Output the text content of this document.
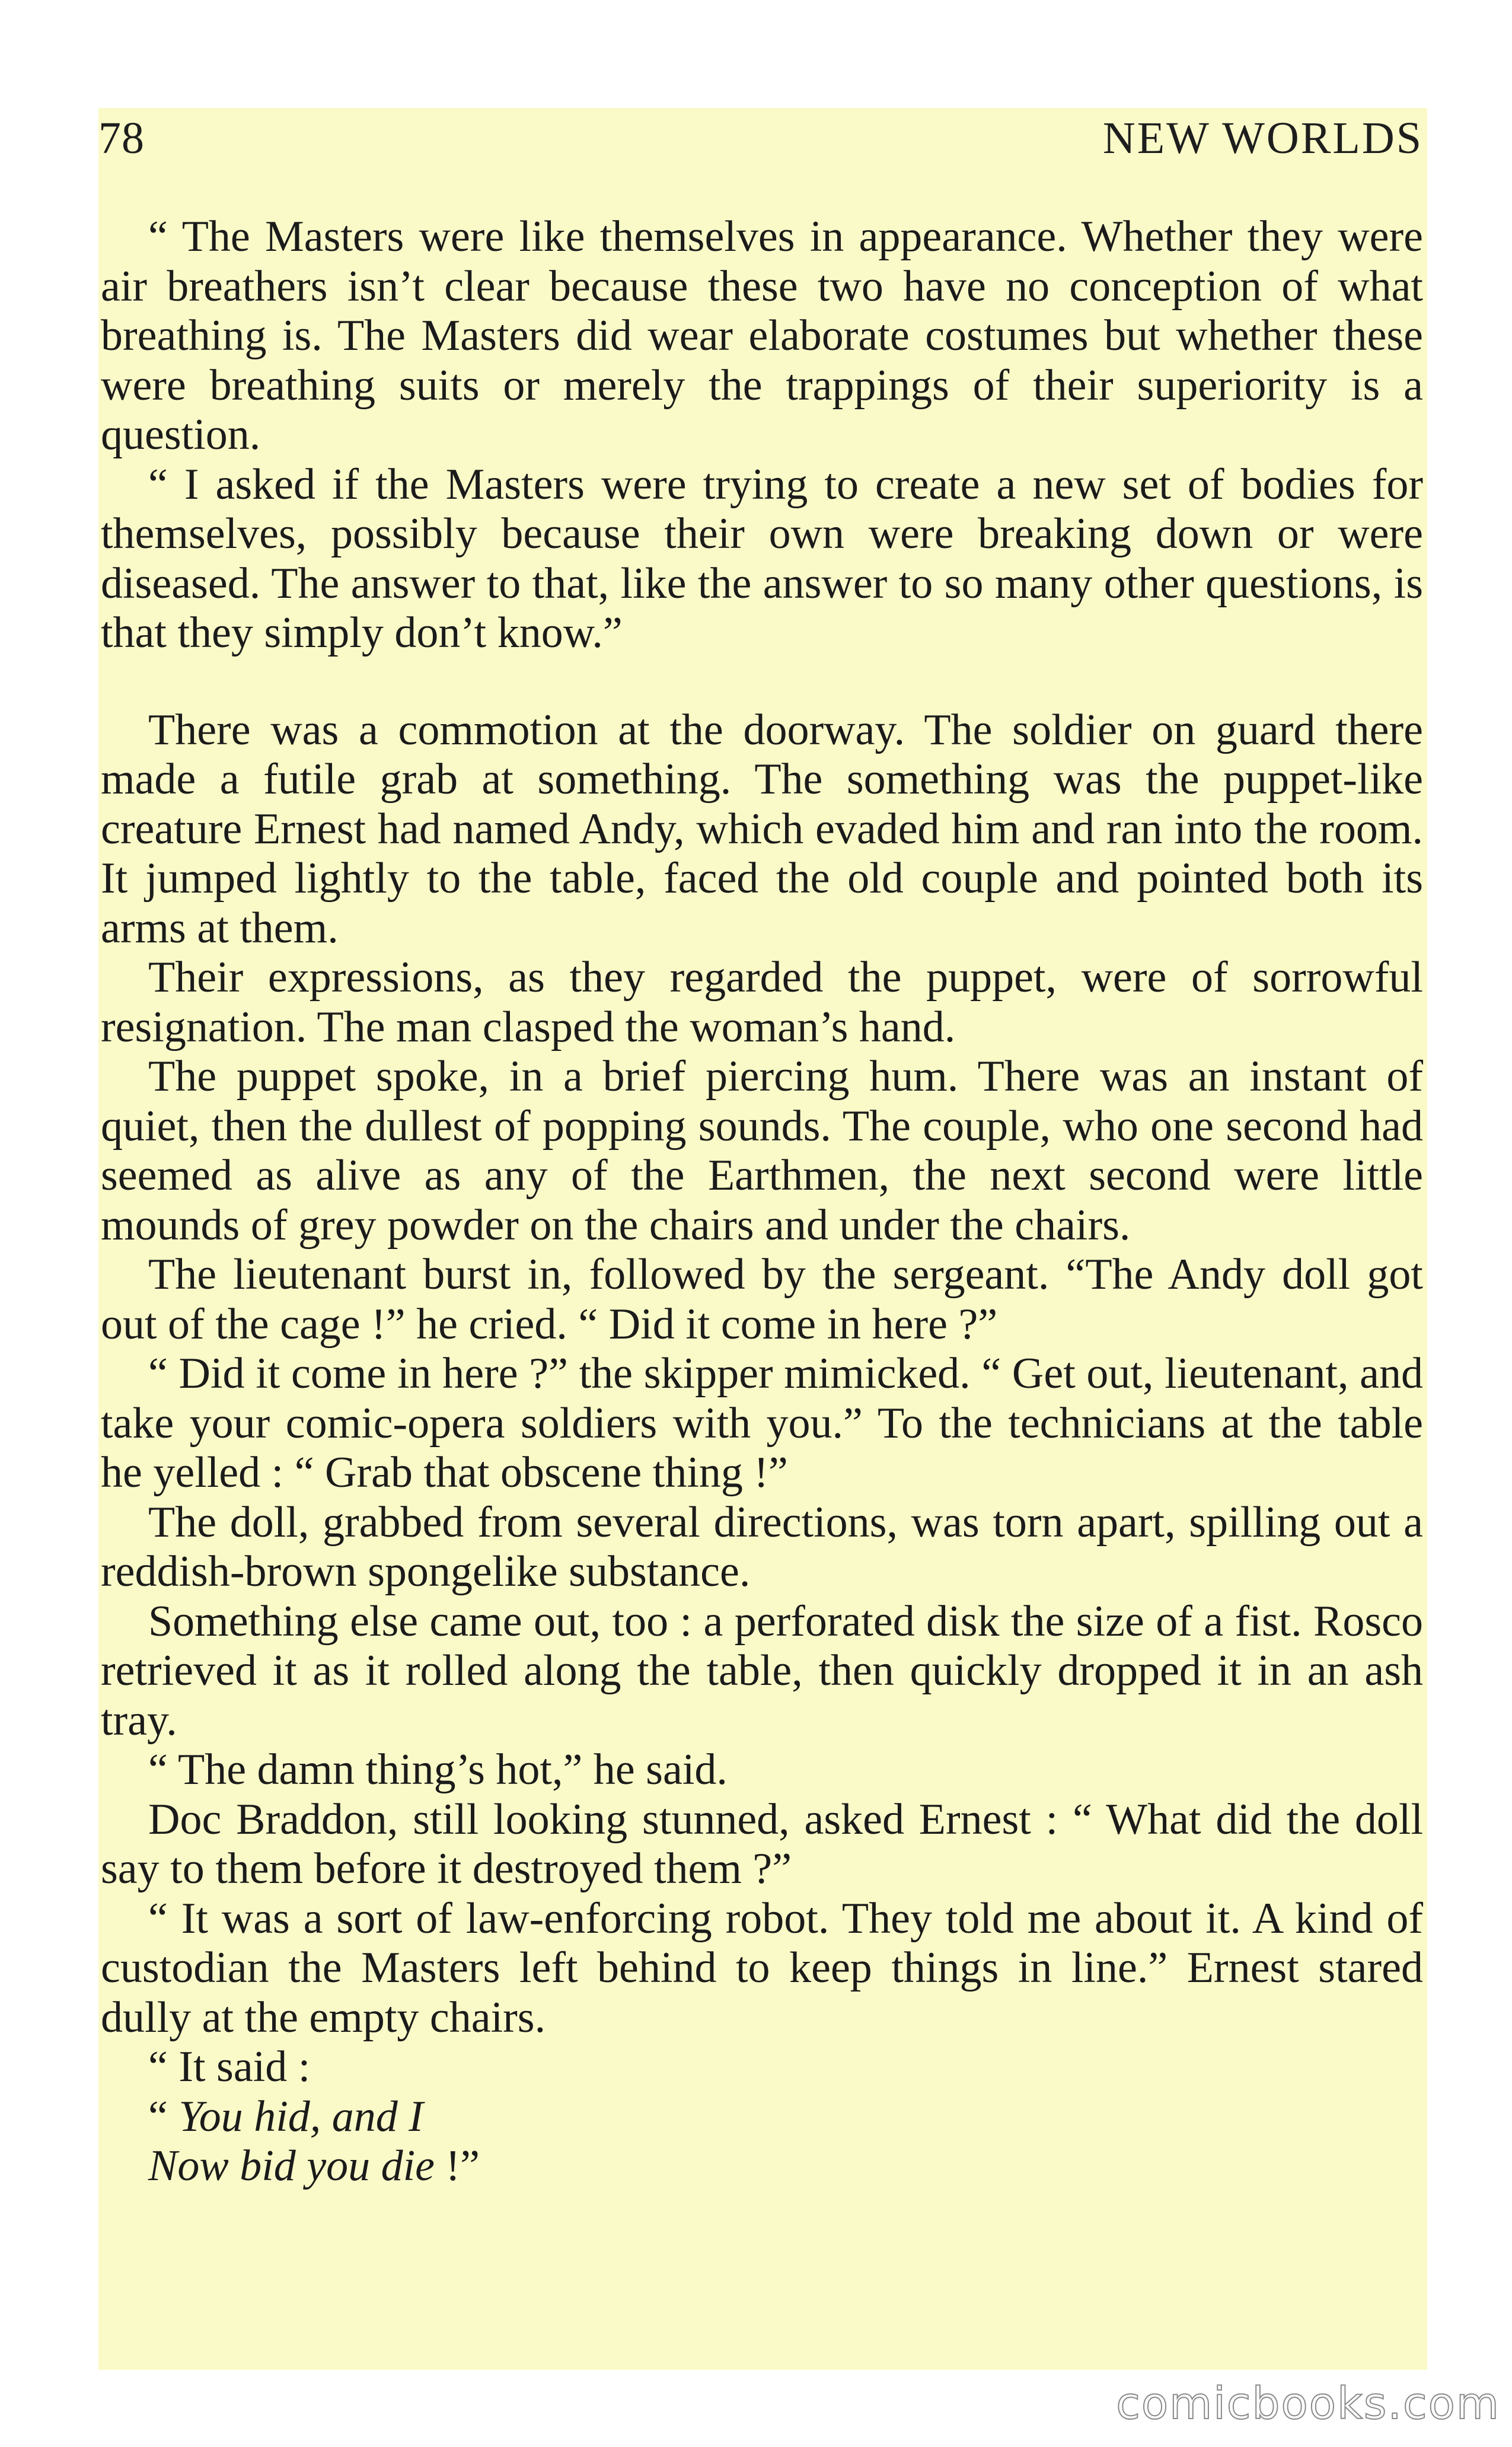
78	NEW WORLDS

“ The Masters were like themselves in appearance. Whether they were air breathers isn’t clear because these two have no conception of what breathing is. The Masters did wear elaborate costumes but whether these were breathing suits or merely the trappings of their superiority is a question.

“ I asked if the Masters were trying to create a new set of bodies for themselves, possibly because their own were breaking down or were diseased. The answer to that, like the answer to so many other questions, is that they simply don’t know.”

There was a commotion at the doorway. The soldier on guard there made a futile grab at something. The something was the puppet-like creature Ernest had named Andy, which evaded him and ran into the room. It jumped lightly to the table, faced the old couple and pointed both its arms at them.

Their expressions, as they regarded the puppet, were of sorrowful resignation. The man clasped the woman’s hand.

The puppet spoke, in a brief piercing hum. There was an instant of quiet, then the dullest of popping sounds. The couple, who one second had seemed as alive as any of the Earthmen, the next second were little mounds of grey powder on the chairs and under the chairs.

The lieutenant burst in, followed by the sergeant. “The Andy doll got out of the cage !” he cried. “ Did it come in here ?”

“ Did it come in here ?” the skipper mimicked. “ Get out, lieutenant, and take your comic-opera soldiers with you.” To the technicians at the table he yelled : “ Grab that obscene thing !”

The doll, grabbed from several directions, was torn apart, spilling out a reddish-brown spongelike substance.

Something else came out, too : a perforated disk the size of a fist. Rosco retrieved it as it rolled along the table, then quickly dropped it in an ash tray.

“ The damn thing’s hot,” he said.

Doc Braddon, still looking stunned, asked Ernest : “ What did the doll say to them before it destroyed them ?”

“ It was a sort of law-enforcing robot. They told me about it. A kind of custodian the Masters left behind to keep things in line.” Ernest stared dully at the empty chairs.

“ It said :

“ You hid, and I
Now bid you die !”
comicbooks.com
